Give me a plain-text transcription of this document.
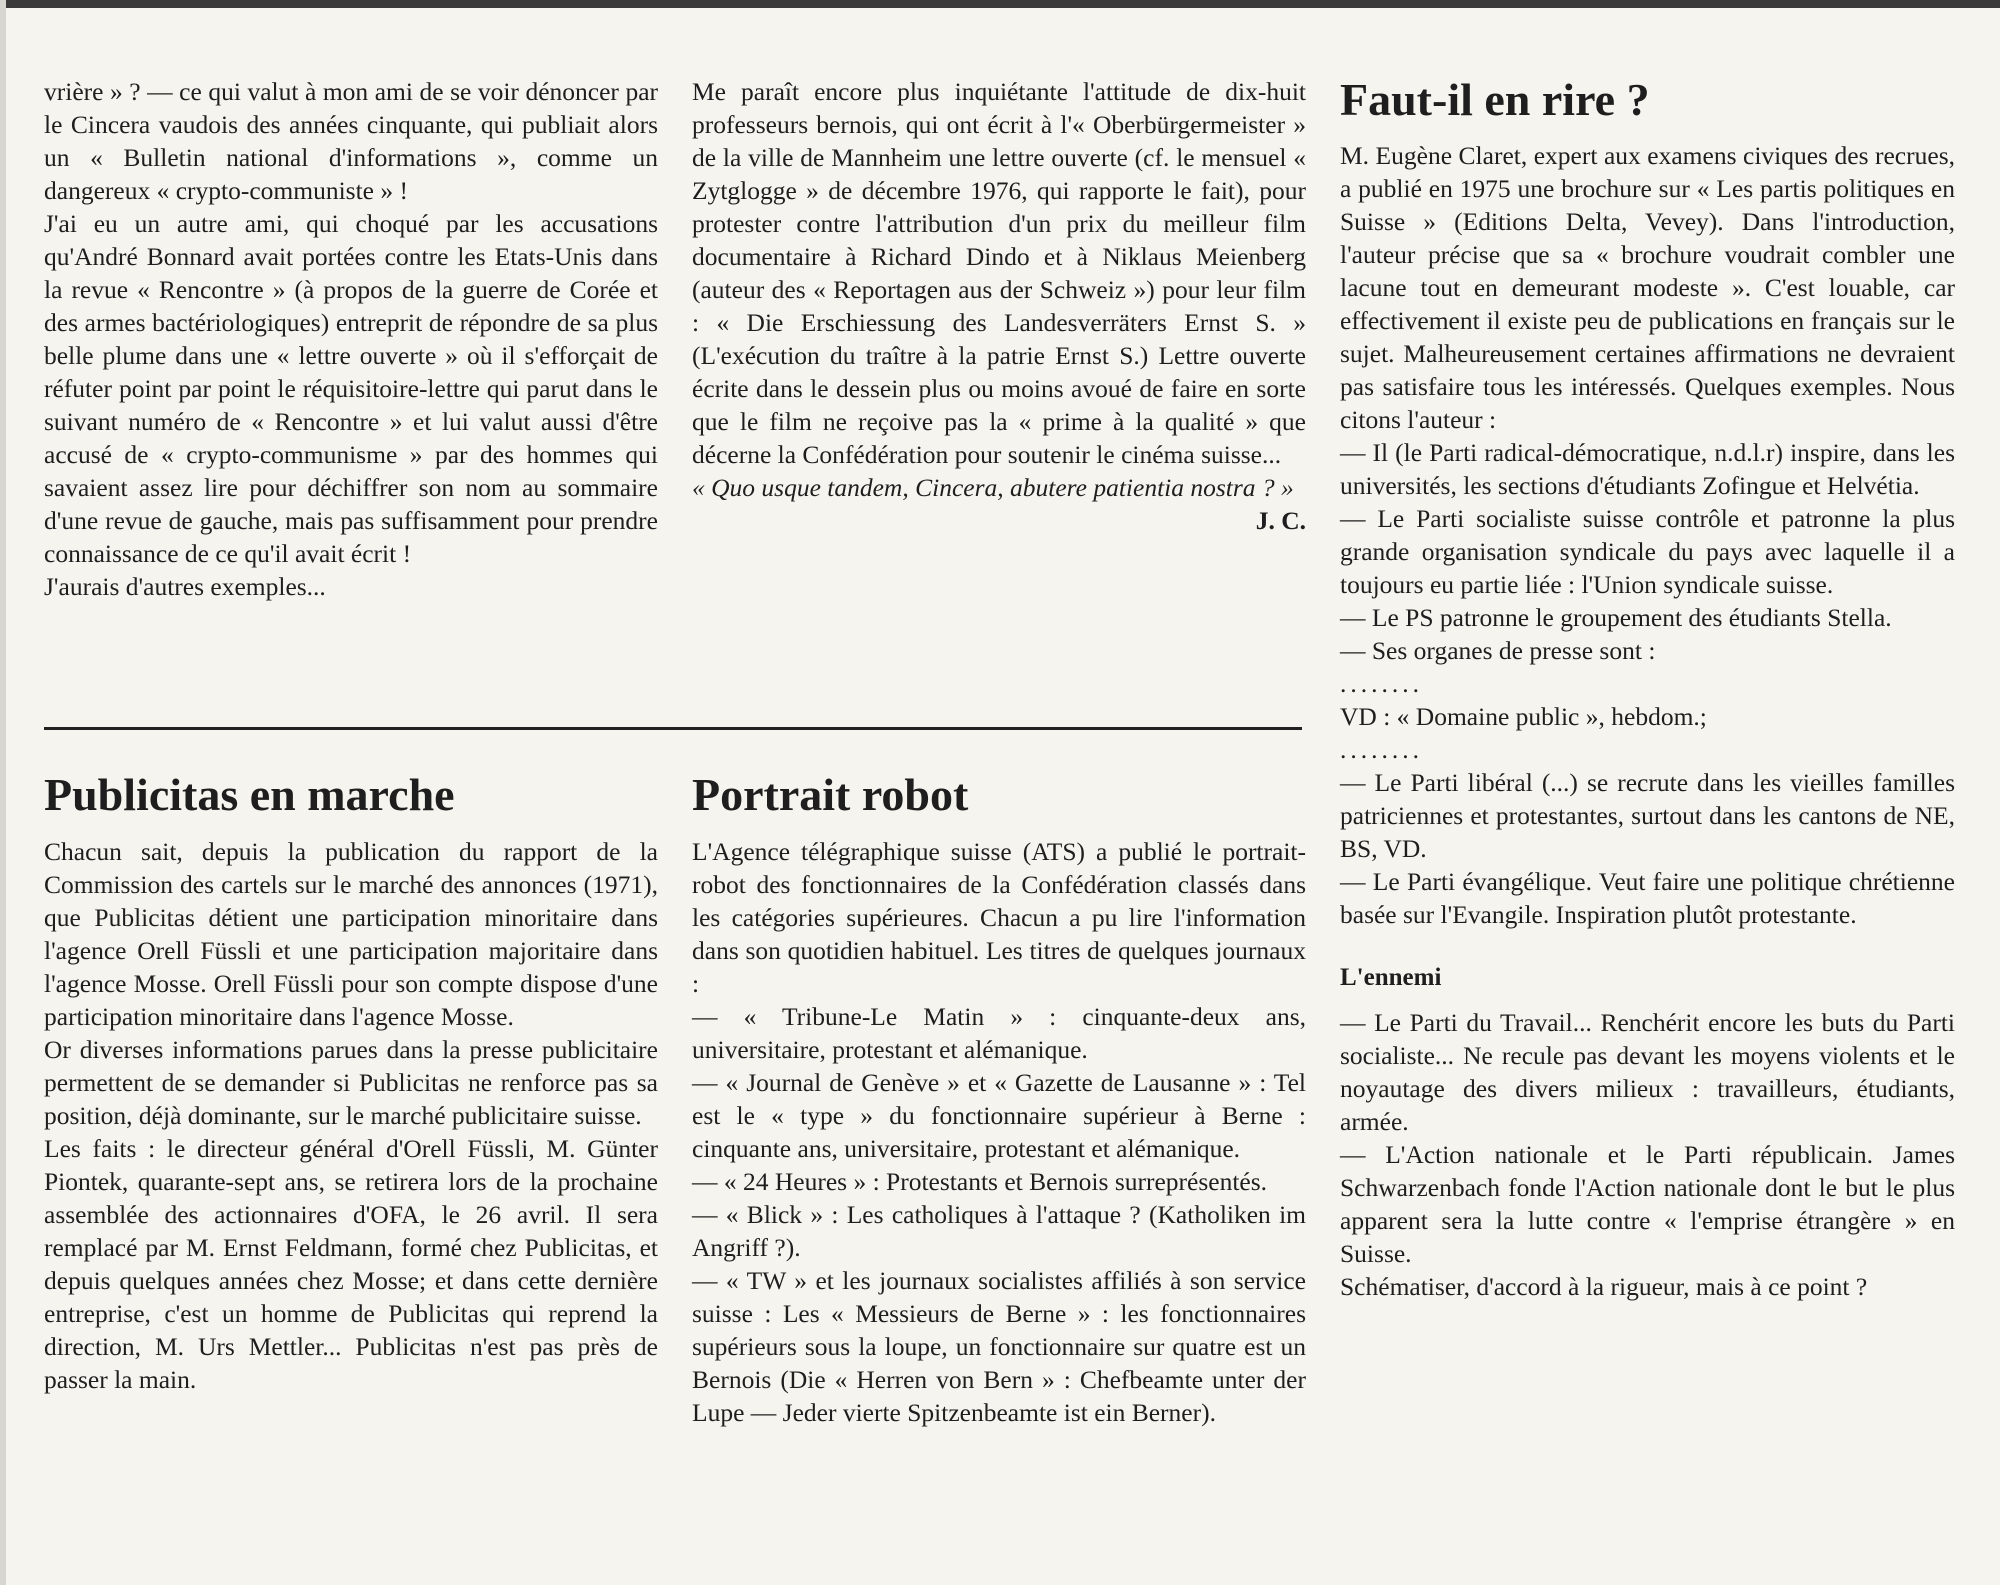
vrière » ? — ce qui valut à mon ami de se voir dénoncer par le Cincera vaudois des années cinquante, qui publiait alors un « Bulletin national d'informations », comme un dangereux « crypto-communiste » !

J'ai eu un autre ami, qui choqué par les accusations qu'André Bonnard avait portées contre les Etats-Unis dans la revue « Rencontre » (à propos de la guerre de Corée et des armes bactériologiques) entreprit de répondre de sa plus belle plume dans une « lettre ouverte » où il s'efforçait de réfuter point par point le réquisitoire-lettre qui parut dans le suivant numéro de « Rencontre » et lui valut aussi d'être accusé de « crypto-communisme » par des hommes qui savaient assez lire pour déchiffrer son nom au sommaire d'une revue de gauche, mais pas suffisamment pour prendre connaissance de ce qu'il avait écrit !

J'aurais d'autres exemples...

Me paraît encore plus inquiétante l'attitude de dix-huit professeurs bernois, qui ont écrit à l'« Oberbürgermeister » de la ville de Mannheim une lettre ouverte (cf. le mensuel « Zytglogge » de décembre 1976, qui rapporte le fait), pour protester contre l'attribution d'un prix du meilleur film documentaire à Richard Dindo et à Niklaus Meienberg (auteur des « Reportagen aus der Schweiz ») pour leur film : « Die Erschiessung des Landesverräters Ernst S. » (L'exécution du traître à la patrie Ernst S.) Lettre ouverte écrite dans le dessein plus ou moins avoué de faire en sorte que le film ne reçoive pas la « prime à la qualité » que décerne la Confédération pour soutenir le cinéma suisse...

« Quo usque tandem, Cincera, abutere patientia nostra ? »

J. C.

Publicitas en marche

Chacun sait, depuis la publication du rapport de la Commission des cartels sur le marché des annonces (1971), que Publicitas détient une participation minoritaire dans l'agence Orell Füssli et une participation majoritaire dans l'agence Mosse. Orell Füssli pour son compte dispose d'une participation minoritaire dans l'agence Mosse.

Or diverses informations parues dans la presse publicitaire permettent de se demander si Publicitas ne renforce pas sa position, déjà dominante, sur le marché publicitaire suisse.

Les faits : le directeur général d'Orell Füssli, M. Günter Piontek, quarante-sept ans, se retirera lors de la prochaine assemblée des actionnaires d'OFA, le 26 avril. Il sera remplacé par M. Ernst Feldmann, formé chez Publicitas, et depuis quelques années chez Mosse; et dans cette dernière entreprise, c'est un homme de Publicitas qui reprend la direction, M. Urs Mettler... Publicitas n'est pas près de passer la main.

Portrait robot

L'Agence télégraphique suisse (ATS) a publié le portrait-robot des fonctionnaires de la Confédération classés dans les catégories supérieures. Chacun a pu lire l'information dans son quotidien habituel. Les titres de quelques journaux :

— « Tribune-Le Matin » : cinquante-deux ans, universitaire, protestant et alémanique.

— « Journal de Genève » et « Gazette de Lausanne » : Tel est le « type » du fonctionnaire supérieur à Berne : cinquante ans, universitaire, protestant et alémanique.

— « 24 Heures » : Protestants et Bernois surreprésentés.

— « Blick » : Les catholiques à l'attaque ? (Katholiken im Angriff ?).

— « TW » et les journaux socialistes affiliés à son service suisse : Les « Messieurs de Berne » : les fonctionnaires supérieurs sous la loupe, un fonctionnaire sur quatre est un Bernois (Die « Herren von Bern » : Chefbeamte unter der Lupe — Jeder vierte Spitzenbeamte ist ein Berner).

Faut-il en rire ?

M. Eugène Claret, expert aux examens civiques des recrues, a publié en 1975 une brochure sur « Les partis politiques en Suisse » (Editions Delta, Vevey). Dans l'introduction, l'auteur précise que sa « brochure voudrait combler une lacune tout en demeurant modeste ». C'est louable, car effectivement il existe peu de publications en français sur le sujet. Malheureusement certaines affirmations ne devraient pas satisfaire tous les intéressés. Quelques exemples. Nous citons l'auteur :

— Il (le Parti radical-démocratique, n.d.l.r) inspire, dans les universités, les sections d'étudiants Zofingue et Helvétia.

— Le Parti socialiste suisse contrôle et patronne la plus grande organisation syndicale du pays avec laquelle il a toujours eu partie liée : l'Union syndicale suisse.

— Le PS patronne le groupement des étudiants Stella.

— Ses organes de presse sont :

........

VD : « Domaine public », hebdom.;

........

— Le Parti libéral (...) se recrute dans les vieilles familles patriciennes et protestantes, surtout dans les cantons de NE, BS, VD.

— Le Parti évangélique. Veut faire une politique chrétienne basée sur l'Evangile. Inspiration plutôt protestante.

L'ennemi

— Le Parti du Travail... Renchérit encore les buts du Parti socialiste... Ne recule pas devant les moyens violents et le noyautage des divers milieux : travailleurs, étudiants, armée.

— L'Action nationale et le Parti républicain. James Schwarzenbach fonde l'Action nationale dont le but le plus apparent sera la lutte contre « l'emprise étrangère » en Suisse.

Schématiser, d'accord à la rigueur, mais à ce point ?
